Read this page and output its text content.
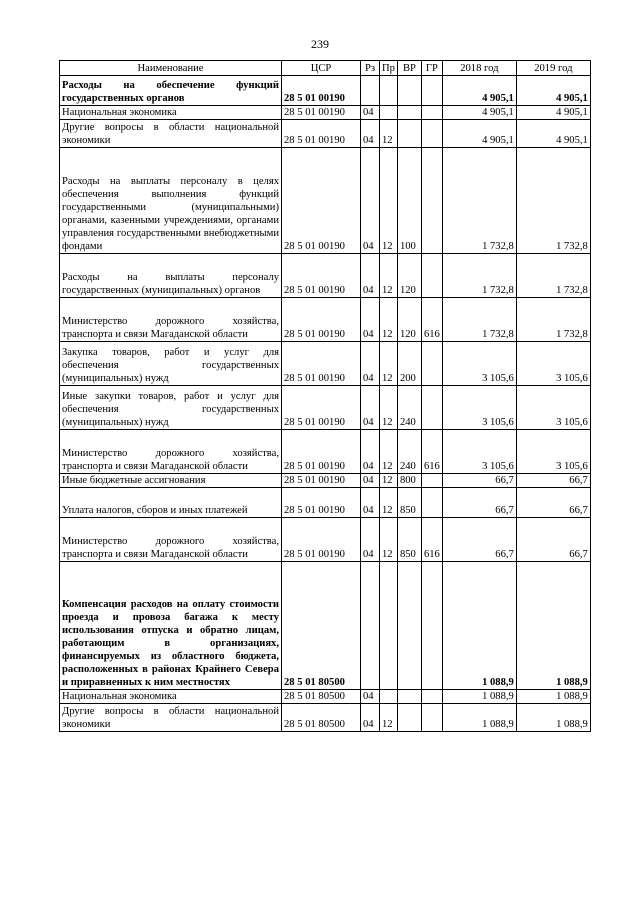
239
Наименование	ЦСР	Рз	Пр	ВР	ГР	2018 год	2019 год
Расходы на обеспечение функций государственных органов	28 5 01 00190					4 905,1	4 905,1
Национальная экономика	28 5 01 00190	04				4 905,1	4 905,1
Другие вопросы в области национальной экономики	28 5 01 00190	04	12			4 905,1	4 905,1
Расходы на выплаты персоналу в целях обеспечения выполнения функций государственными (муниципальными) органами, казенными учреждениями, органами управления государственными внебюджетными фондами	28 5 01 00190	04	12	100		1 732,8	1 732,8
Расходы на выплаты персоналу государственных (муниципальных) органов	28 5 01 00190	04	12	120		1 732,8	1 732,8
Министерство дорожного хозяйства, транспорта и связи Магаданской области	28 5 01 00190	04	12	120	616	1 732,8	1 732,8
Закупка товаров, работ и услуг для обеспечения государственных (муниципальных) нужд	28 5 01 00190	04	12	200		3 105,6	3 105,6
Иные закупки товаров, работ и услуг для обеспечения государственных (муниципальных) нужд	28 5 01 00190	04	12	240		3 105,6	3 105,6
Министерство дорожного хозяйства, транспорта и связи Магаданской области	28 5 01 00190	04	12	240	616	3 105,6	3 105,6
Иные бюджетные ассигнования	28 5 01 00190	04	12	800		66,7	66,7
Уплата налогов, сборов и иных платежей	28 5 01 00190	04	12	850		66,7	66,7
Министерство дорожного хозяйства, транспорта и связи Магаданской области	28 5 01 00190	04	12	850	616	66,7	66,7
Компенсация расходов на оплату стоимости проезда и провоза багажа к месту использования отпуска и обратно лицам, работающим в организациях, финансируемых из областного бюджета, расположенных в районах Крайнего Севера и приравненных к ним местностях	28 5 01 80500					1 088,9	1 088,9
Национальная экономика	28 5 01 80500	04				1 088,9	1 088,9
Другие вопросы в области национальной экономики	28 5 01 80500	04	12			1 088,9	1 088,9
